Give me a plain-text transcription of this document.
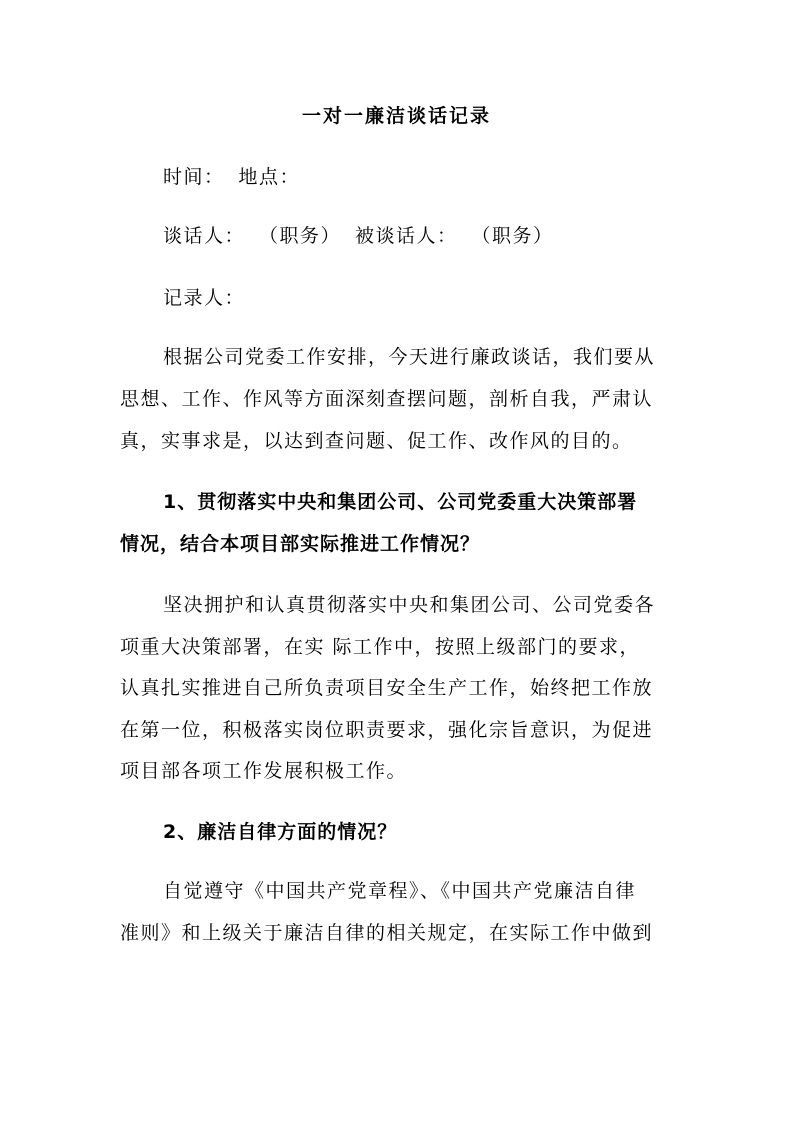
一对一廉洁谈话记录
时间： 地点：
谈话人： （职务） 被谈话人： （职务）
记录人：
根据公司党委工作安排，今天进行廉政谈话，我们要从
思想、工作、作风等方面深刻查摆问题，剖析自我，严肃认
真，实事求是，以达到查问题、促工作、改作风的目的。
1、贯彻落实中央和集团公司、公司党委重大决策部署
情况，结合本项目部实际推进工作情况？
坚决拥护和认真贯彻落实中央和集团公司、公司党委各
项重大决策部署，在实 际工作中，按照上级部门的要求，
认真扎实推进自己所负责项目安全生产工作，始终把工作放
在第一位，积极落实岗位职责要求，强化宗旨意识，为促进
项目部各项工作发展积极工作。
2、廉洁自律方面的情况？
自觉遵守《中国共产党章程》、《中国共产党廉洁自律
准则》和上级关于廉洁自律的相关规定，在实际工作中做到
